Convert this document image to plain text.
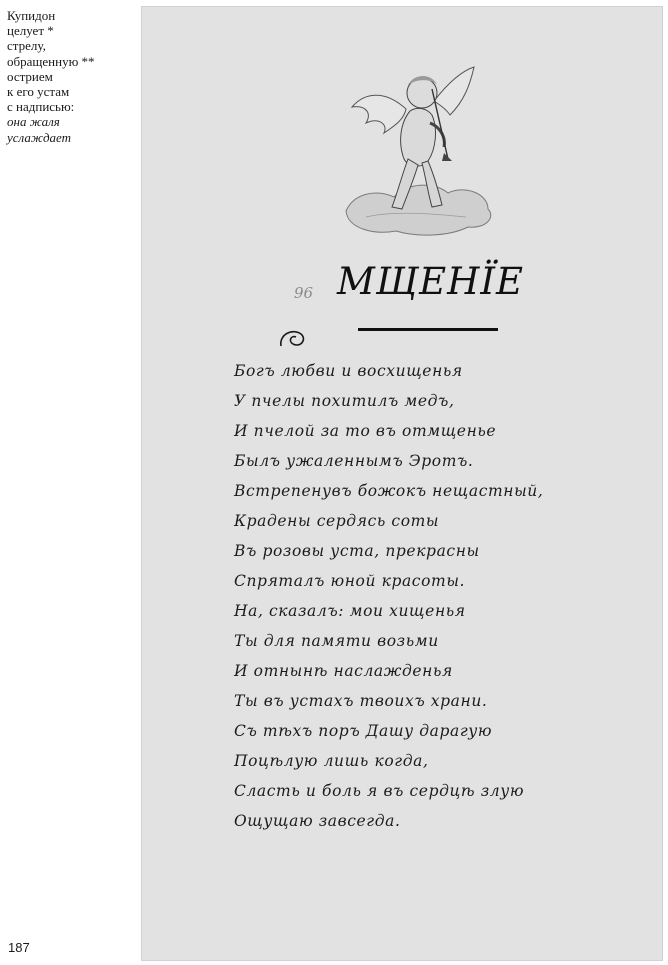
Купидон
целует *
стрелу,
обращенную **
острием
к его устам
с надписью:
она жаля
услаждает
187
96 МЩЕНЇЕ
Богъ любви и восхищенья
У пчелы похитилъ медъ,
И пчелой за то въ отмщенье
Былъ ужаленнымъ Эротъ.
Встрепенувъ божокъ нещастный,
Крадены сердясь соты
Въ розовы уста, прекрасны
Спряталъ юной красоты.
На, сказалъ: мои хищенья
Ты для памяти возьми
И отнынѣ наслажденья
Ты въ устахъ твоихъ храни.
Съ тѣхъ поръ Дашу дарагую
Поцѣлую лишь когда,
Сласть и боль я въ сердцѣ злую
Ощущаю завсегда.
